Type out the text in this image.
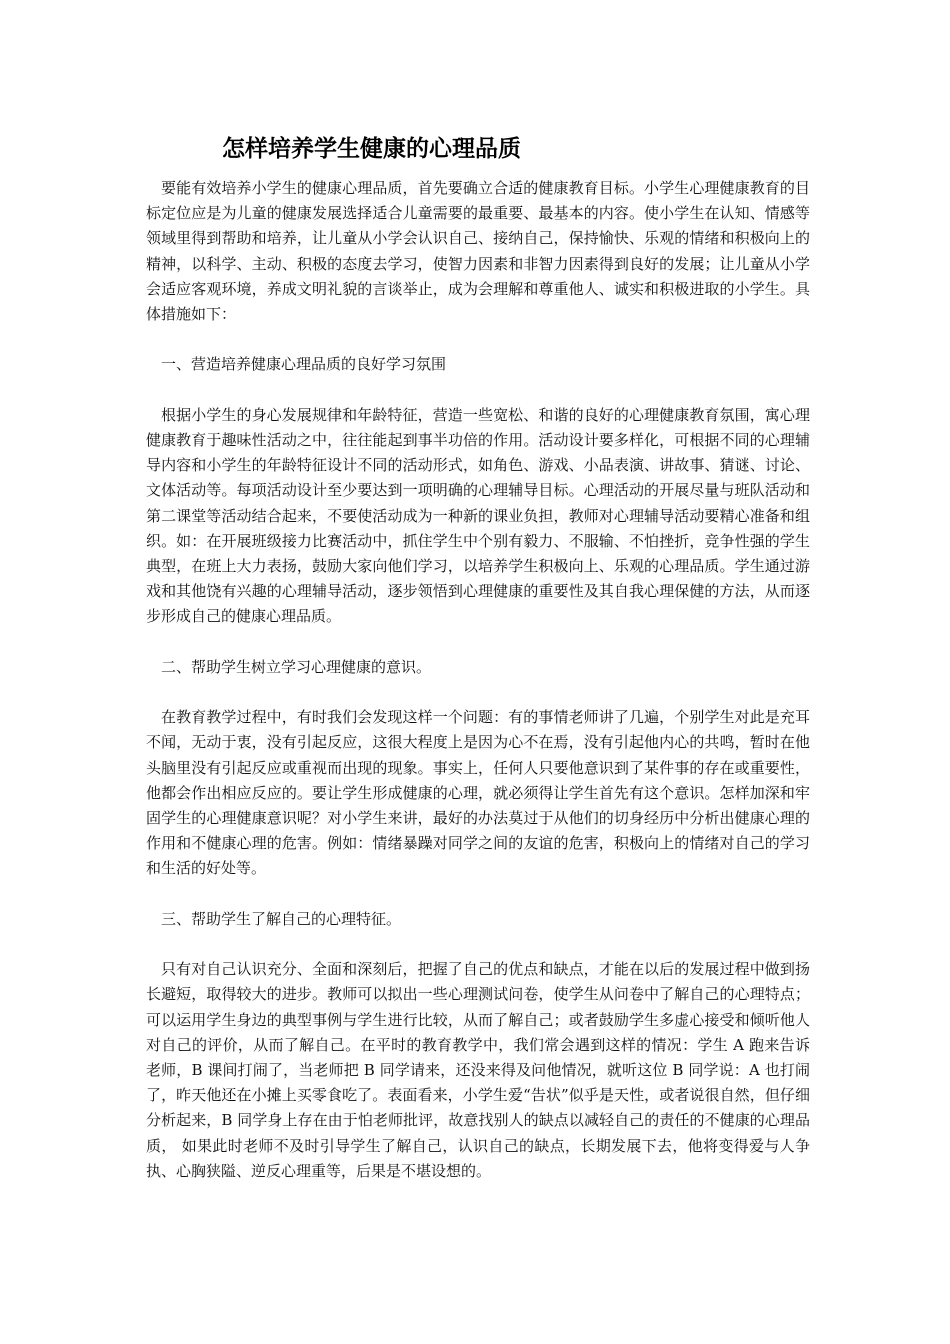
怎样培养学生健康的心理品质

要能有效培养小学生的健康心理品质，首先要确立合适的健康教育目标。小学生心理健康教育的目标定位应是为儿童的健康发展选择适合儿童需要的最重要、最基本的内容。使小学生在认知、情感等领域里得到帮助和培养，让儿童从小学会认识自己、接纳自己，保持愉快、乐观的情绪和积极向上的精神，以科学、主动、积极的态度去学习，使智力因素和非智力因素得到良好的发展；让儿童从小学会适应客观环境，养成文明礼貌的言谈举止，成为会理解和尊重他人、诚实和积极进取的小学生。具体措施如下：

一、营造培养健康心理品质的良好学习氛围

根据小学生的身心发展规律和年龄特征，营造一些宽松、和谐的良好的心理健康教育氛围，寓心理健康教育于趣味性活动之中，往往能起到事半功倍的作用。活动设计要多样化，可根据不同的心理辅导内容和小学生的年龄特征设计不同的活动形式，如角色、游戏、小品表演、讲故事、猜谜、讨论、文体活动等。每项活动设计至少要达到一项明确的心理辅导目标。心理活动的开展尽量与班队活动和第二课堂等活动结合起来，不要使活动成为一种新的课业负担，教师对心理辅导活动要精心准备和组织。如：在开展班级接力比赛活动中，抓住学生中个别有毅力、不服输、不怕挫折，竞争性强的学生典型，在班上大力表扬，鼓励大家向他们学习，以培养学生积极向上、乐观的心理品质。学生通过游戏和其他饶有兴趣的心理辅导活动，逐步领悟到心理健康的重要性及其自我心理保健的方法，从而逐步形成自己的健康心理品质。

二、帮助学生树立学习心理健康的意识。

在教育教学过程中，有时我们会发现这样一个问题：有的事情老师讲了几遍，个别学生对此是充耳不闻，无动于衷，没有引起反应，这很大程度上是因为心不在焉，没有引起他内心的共鸣，暂时在他头脑里没有引起反应或重视而出现的现象。事实上，任何人只要他意识到了某件事的存在或重要性，他都会作出相应反应的。要让学生形成健康的心理，就必须得让学生首先有这个意识。怎样加深和牢固学生的心理健康意识呢？对小学生来讲，最好的办法莫过于从他们的切身经历中分析出健康心理的作用和不健康心理的危害。例如：情绪暴躁对同学之间的友谊的危害，积极向上的情绪对自己的学习和生活的好处等。

三、帮助学生了解自己的心理特征。

只有对自己认识充分、全面和深刻后，把握了自己的优点和缺点，才能在以后的发展过程中做到扬长避短，取得较大的进步。教师可以拟出一些心理测试问卷，使学生从问卷中了解自己的心理特点；可以运用学生身边的典型事例与学生进行比较，从而了解自己；或者鼓励学生多虚心接受和倾听他人对自己的评价，从而了解自己。在平时的教育教学中，我们常会遇到这样的情况：学生 A 跑来告诉老师，B 课间打闹了，当老师把 B 同学请来，还没来得及问他情况，就听这位 B 同学说：A 也打闹了，昨天他还在小摊上买零食吃了。表面看来，小学生爱“告状”似乎是天性，或者说很自然，但仔细分析起来，B 同学身上存在由于怕老师批评，故意找别人的缺点以减轻自己的责任的不健康的心理品质， 如果此时老师不及时引导学生了解自己，认识自己的缺点，长期发展下去，他将变得爱与人争执、心胸狭隘、逆反心理重等，后果是不堪设想的。
